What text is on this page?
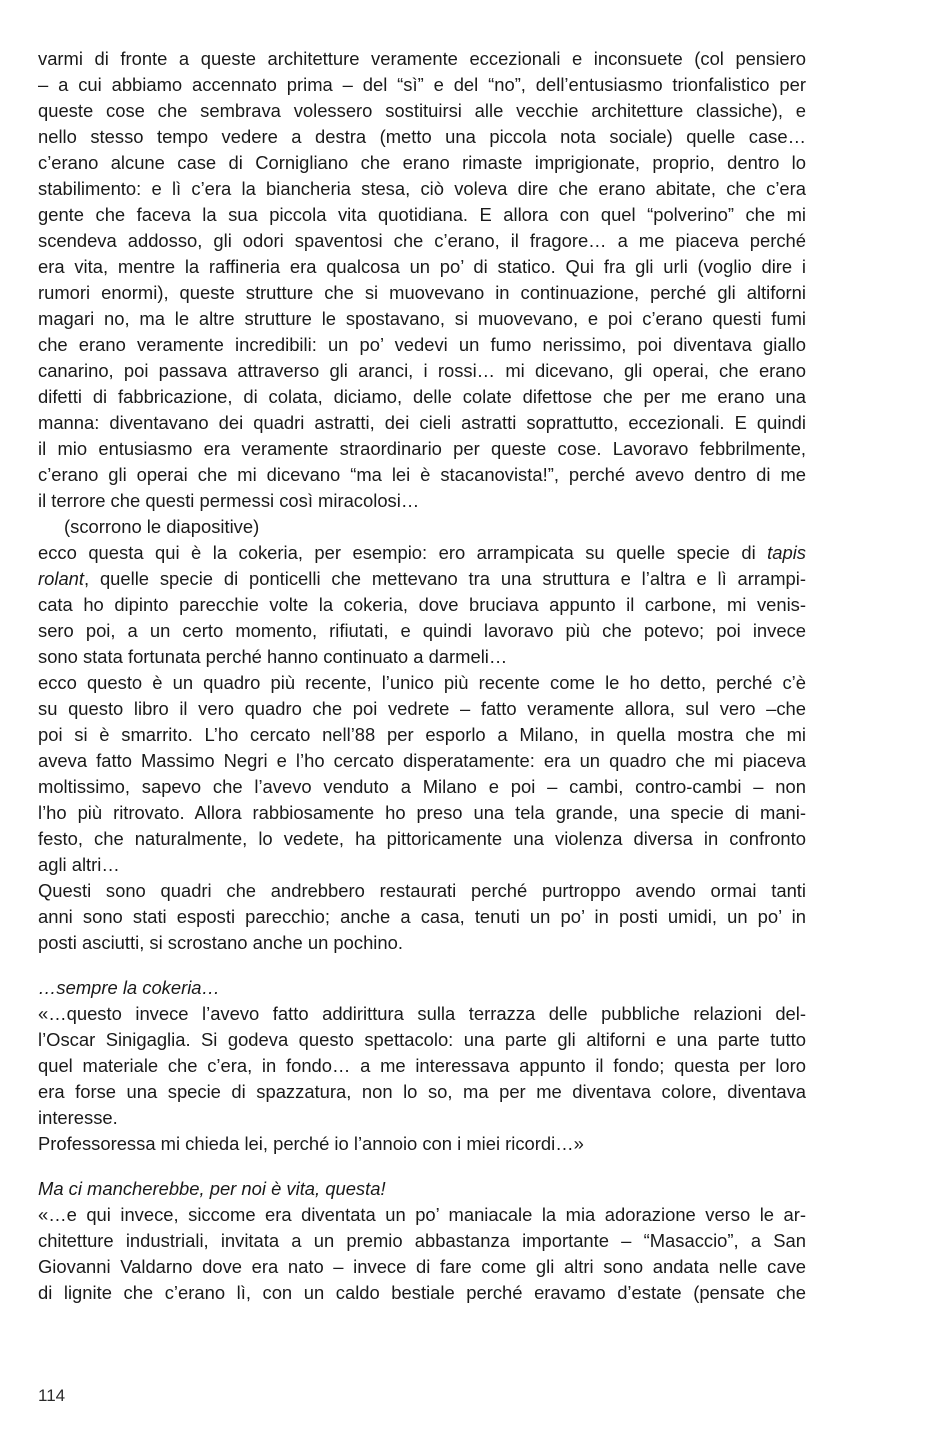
varmi di fronte a queste architetture veramente eccezionali e inconsuete (col pensiero
– a cui abbiamo accennato prima – del “sì” e del “no”, dell’entusiasmo trionfalistico per
queste cose che sembrava volessero sostituirsi alle vecchie architetture classiche), e
nello stesso tempo vedere a destra (metto una piccola nota sociale) quelle case…
c’erano alcune case di Cornigliano che erano rimaste imprigionate, proprio, dentro lo
stabilimento: e lì c’era la biancheria stesa, ciò voleva dire che erano abitate, che c’era
gente che faceva la sua piccola vita quotidiana. E allora con quel “polverino” che mi
scendeva addosso, gli odori spaventosi che c’erano, il fragore… a me piaceva perché
era vita, mentre la raffineria era qualcosa un po’ di statico. Qui fra gli urli (voglio dire i
rumori enormi), queste strutture che si muovevano in continuazione, perché gli altiforni
magari no, ma le altre strutture le spostavano, si muovevano, e poi c’erano questi fumi
che erano veramente incredibili: un po’ vedevi un fumo nerissimo, poi diventava giallo
canarino, poi passava attraverso gli aranci, i rossi… mi dicevano, gli operai, che erano
difetti di fabbricazione, di colata, diciamo, delle colate difettose che per me erano una
manna: diventavano dei quadri astratti, dei cieli astratti soprattutto, eccezionali. E quindi
il mio entusiasmo era veramente straordinario per queste cose. Lavoravo febbrilmente,
c’erano gli operai che mi dicevano “ma lei è stacanovista!”, perché avevo dentro di me
il terrore che questi permessi così miracolosi…
(scorrono le diapositive)
ecco questa qui è la cokeria, per esempio: ero arrampicata su quelle specie di tapis
rolant, quelle specie di ponticelli che mettevano tra una struttura e l’altra e lì arrampi-
cata ho dipinto parecchie volte la cokeria, dove bruciava appunto il carbone, mi venis-
sero poi, a un certo momento, rifiutati, e quindi lavoravo più che potevo; poi invece
sono stata fortunata perché hanno continuato a darmeli…
ecco questo è un quadro più recente, l’unico più recente come le ho detto, perché c’è
su questo libro il vero quadro che poi vedrete – fatto veramente allora, sul vero –che
poi si è smarrito. L’ho cercato nell’88 per esporlo a Milano, in quella mostra che mi
aveva fatto Massimo Negri e l’ho cercato disperatamente: era un quadro che mi piaceva
moltissimo, sapevo che l’avevo venduto a Milano e poi – cambi, contro-cambi – non
l’ho più ritrovato. Allora rabbiosamente ho preso una tela grande, una specie di mani-
festo, che naturalmente, lo vedete, ha pittoricamente una violenza diversa in confronto
agli altri…
Questi sono quadri che andrebbero restaurati perché purtroppo avendo ormai tanti
anni sono stati esposti parecchio; anche a casa, tenuti un po’ in posti umidi, un po’ in
posti asciutti, si scrostano anche un pochino.
…sempre la cokeria…
«…questo invece l’avevo fatto addirittura sulla terrazza delle pubbliche relazioni del-
l’Oscar Sinigaglia. Si godeva questo spettacolo: una parte gli altiforni e una parte tutto
quel materiale che c’era, in fondo… a me interessava appunto il fondo; questa per loro
era forse una specie di spazzatura, non lo so, ma per me diventava colore, diventava
interesse.
Professoressa mi chieda lei, perché io l’annoio con i miei ricordi…»
Ma ci mancherebbe, per noi è vita, questa!
«…e qui invece, siccome era diventata un po’ maniacale la mia adorazione verso le ar-
chitetture industriali, invitata a un premio abbastanza importante – “Masaccio”, a San
Giovanni Valdarno dove era nato – invece di fare come gli altri sono andata nelle cave
di lignite che c’erano lì, con un caldo bestiale perché eravamo d’estate (pensate che
114
